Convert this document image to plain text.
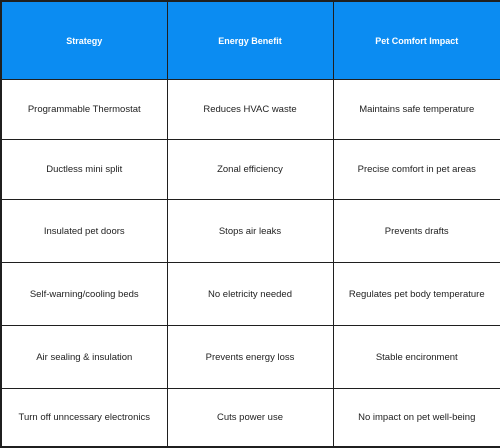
Strategy	Energy Benefit	Pet Comfort Impact
Programmable Thermostat	Reduces HVAC waste	Maintains safe temperature
Ductless mini split	Zonal efficiency	Precise comfort in pet areas
Insulated pet doors	Stops air leaks	Prevents drafts
Self-warning/cooling beds	No eletricity needed	Regulates pet body temperature
Air sealing & insulation	Prevents energy loss	Stable encironment
Turn off unncessary electronics	Cuts power use	No impact on pet well-being
